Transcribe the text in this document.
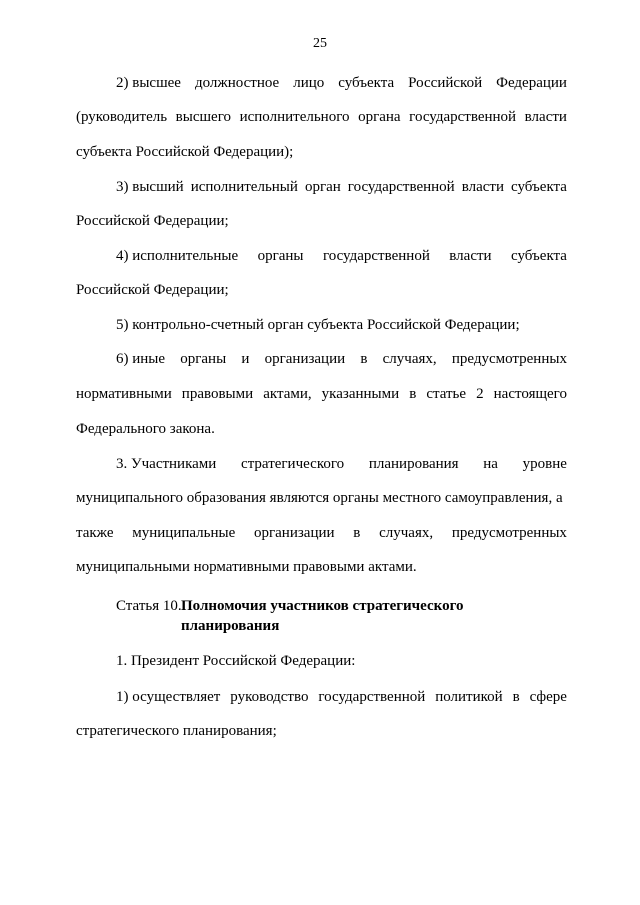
25
2) высшее должностное лицо субъекта Российской Федерации
(руководитель высшего исполнительного органа государственной власти
субъекта Российской Федерации);
3) высший исполнительный орган государственной власти субъекта
Российской Федерации;
4) исполнительные органы государственной власти субъекта
Российской Федерации;
5) контрольно-счетный орган субъекта Российской Федерации;
6) иные органы и организации в случаях, предусмотренных
нормативными правовыми актами, указанными в статье 2 настоящего
Федерального закона.
3. Участниками стратегического планирования на уровне
муниципального образования являются органы местного самоуправления, а
также муниципальные организации в случаях, предусмотренных
муниципальными нормативными правовыми актами.
Статья 10. Полномочия участников стратегического
планирования
1. Президент Российской Федерации:
1) осуществляет руководство государственной политикой в сфере
стратегического планирования;
